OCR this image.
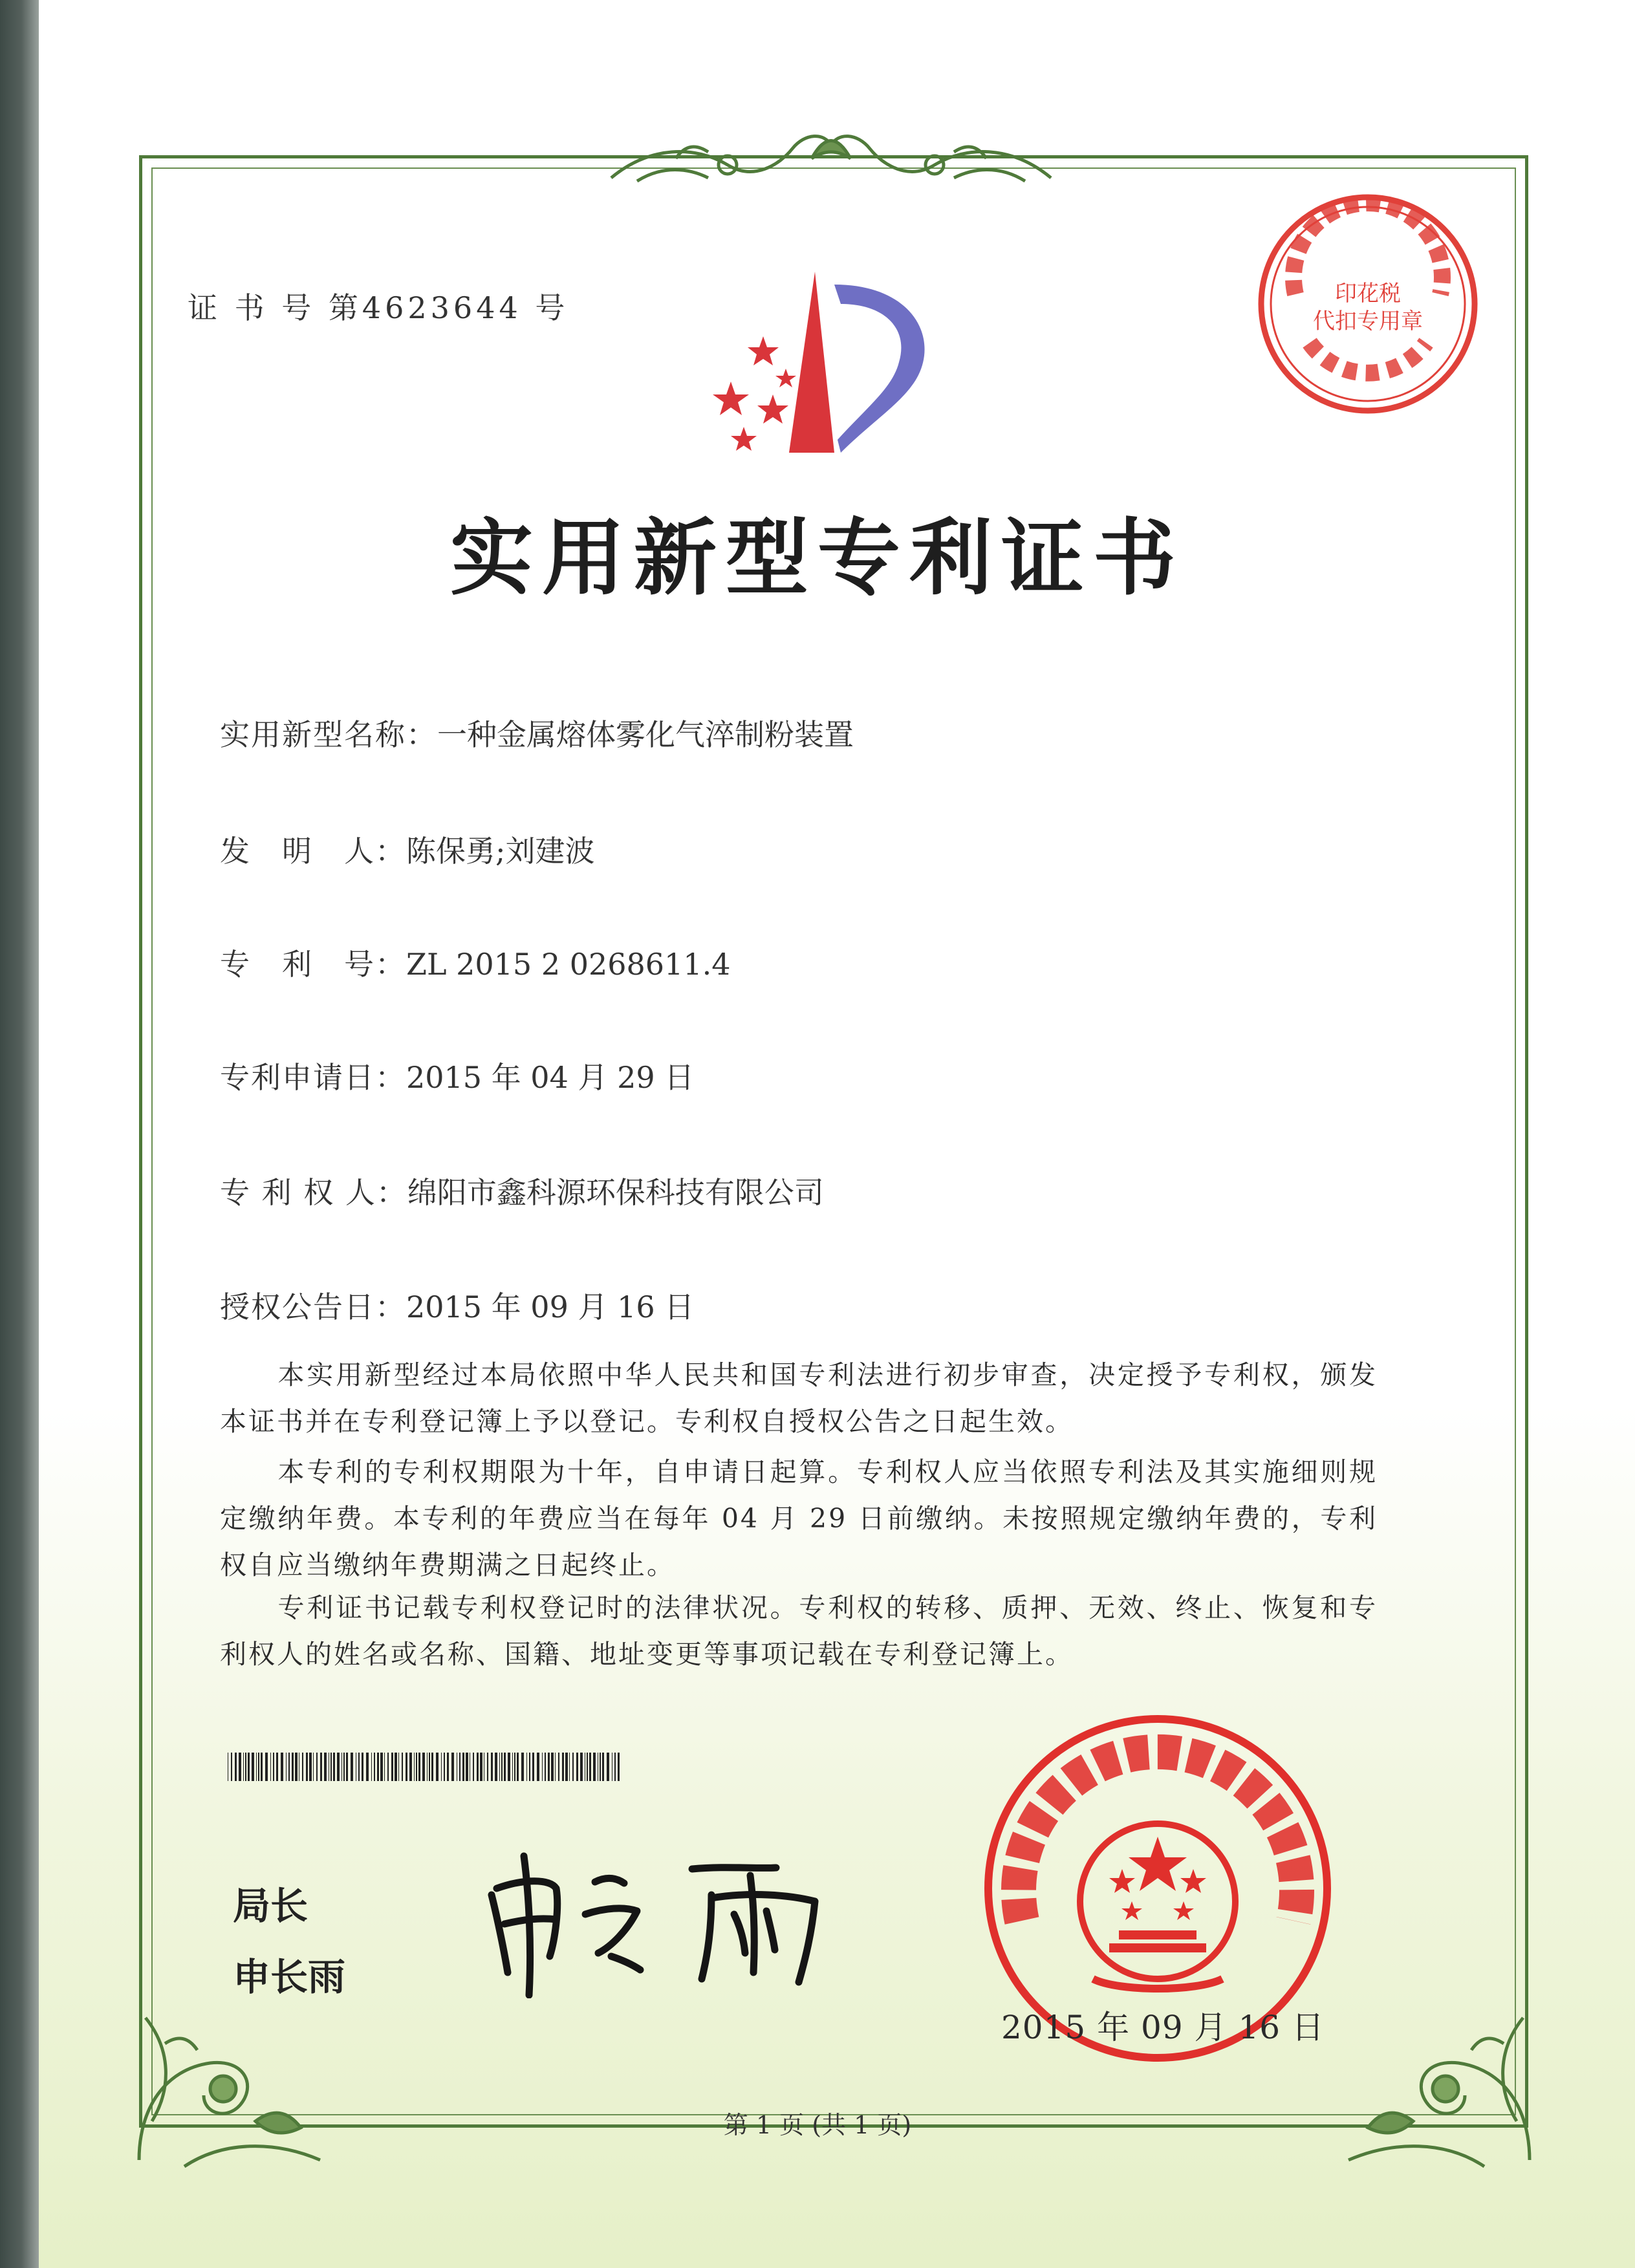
证 书 号 第4623644 号	印花税
代扣专用章
实用新型专利证书
实用新型名称：一种金属熔体雾化气淬制粉装置
发　明　人：陈保勇;刘建波
专　利　号：ZL 2015 2 0268611.4
专利申请日：2015 年 04 月 29 日
专 利 权 人：绵阳市鑫科源环保科技有限公司
授权公告日：2015 年 09 月 16 日
　　本实用新型经过本局依照中华人民共和国专利法进行初步审查，决定授予专利权，颁发本证书并在专利登记簿上予以登记。专利权自授权公告之日起生效。
　　本专利的专利权期限为十年，自申请日起算。专利权人应当依照专利法及其实施细则规定缴纳年费。本专利的年费应当在每年 04 月 29 日前缴纳。未按照规定缴纳年费的，专利权自应当缴纳年费期满之日起终止。
　　专利证书记载专利权登记时的法律状况。专利权的转移、质押、无效、终止、恢复和专利权人的姓名或名称、国籍、地址变更等事项记载在专利登记簿上。
局长
申长雨
2015 年 09 月 16 日
第 1 页 (共 1 页)
